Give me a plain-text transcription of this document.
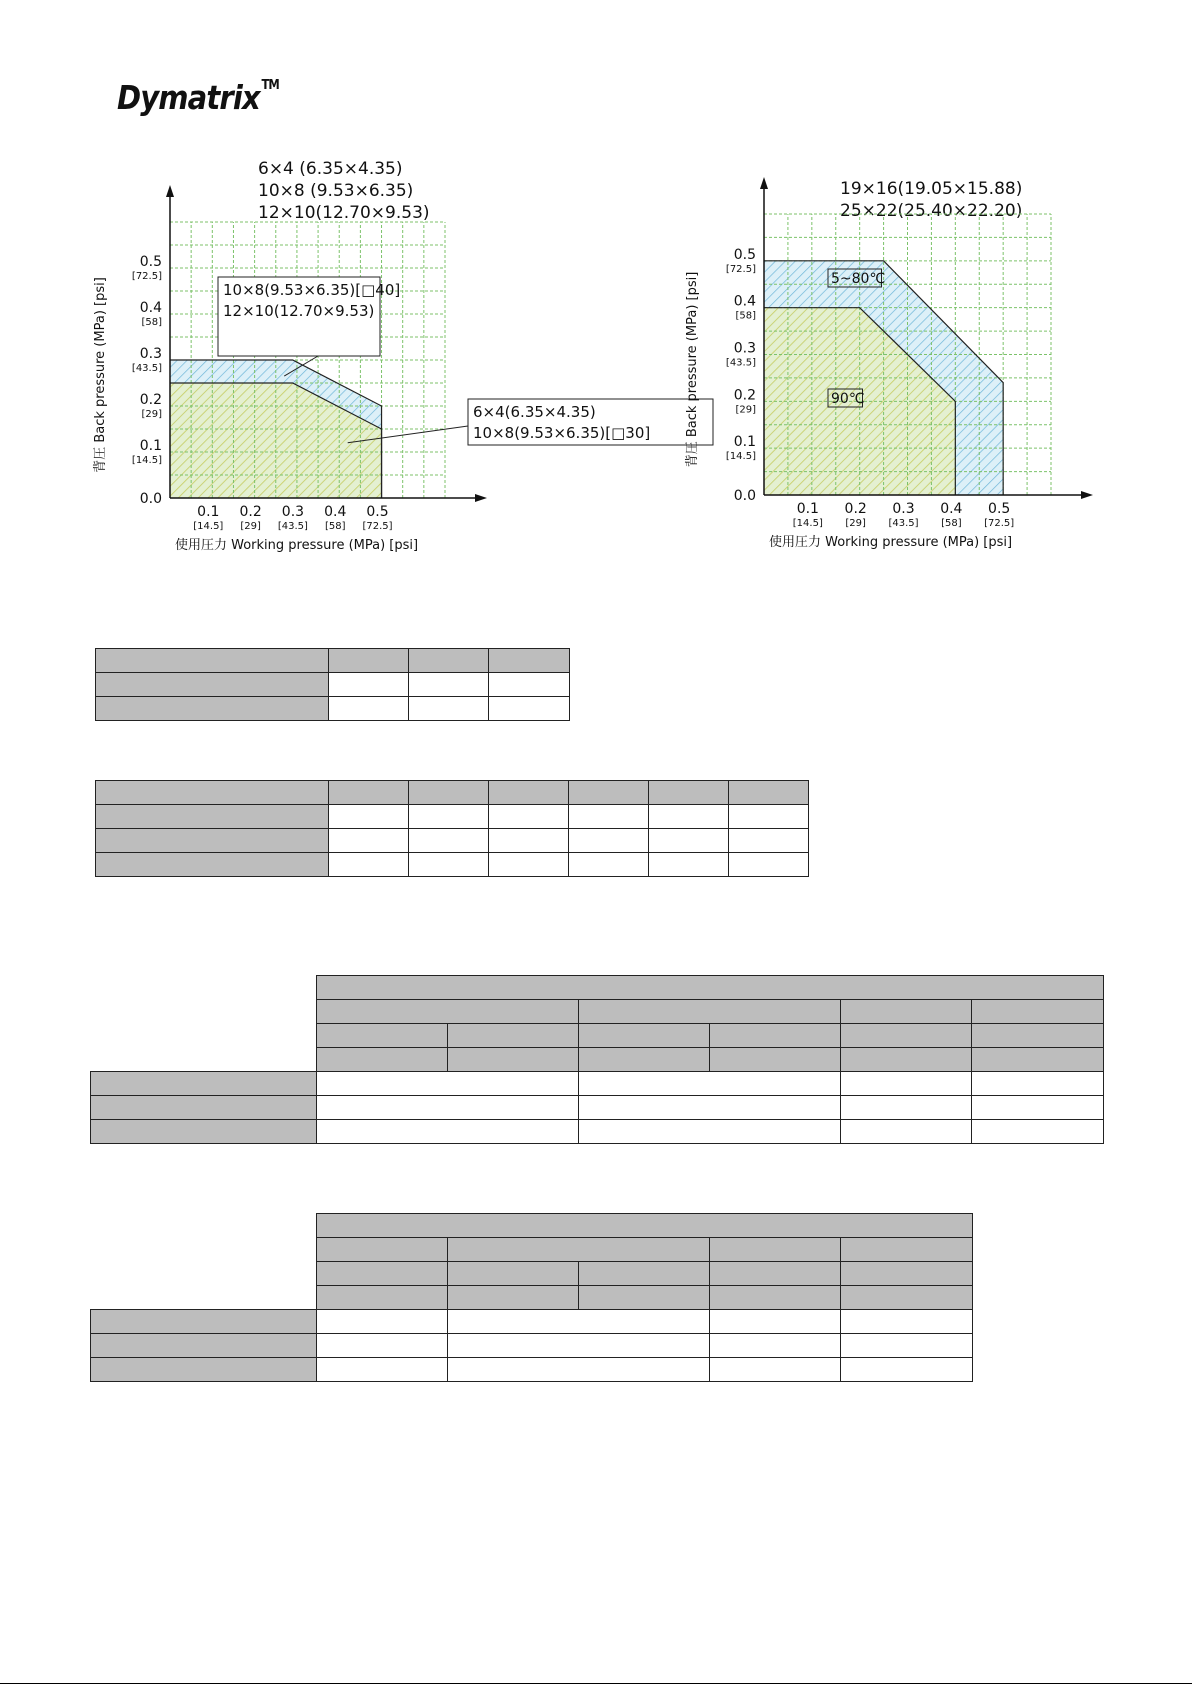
Dymatrix ™
6×4 (6.35×4.35)
10×8 (9.53×6.35)
12×10(12.70×9.53)
0.1
[14.5]
0.2
[29]
0.3
[43.5]
0.4
[58]
0.5
[72.5]
0.0
0.1
[14.5]
0.2
[29]
0.3
[43.5]
0.4
[58]
0.5
[72.5]
使用圧力 Working pressure (MPa) [psi]
背圧 Back pressure (MPa) [psi]	10×8(9.53×6.35)[□40]
12×10(12.70×9.53)
6×4(6.35×4.35)
10×8(9.53×6.35)[□30]
19×16(19.05×15.88)
25×22(25.40×22.20)
0.1
[14.5]
0.2
[29]
0.3
[43.5]
0.4
[58]
0.5
[72.5]
0.0
0.1
[14.5]
0.2
[29]
0.3
[43.5]
0.4
[58]
0.5
[72.5]
使用圧力 Working pressure (MPa) [psi]
背圧 Back pressure (MPa) [psi]	5~80℃
90℃
